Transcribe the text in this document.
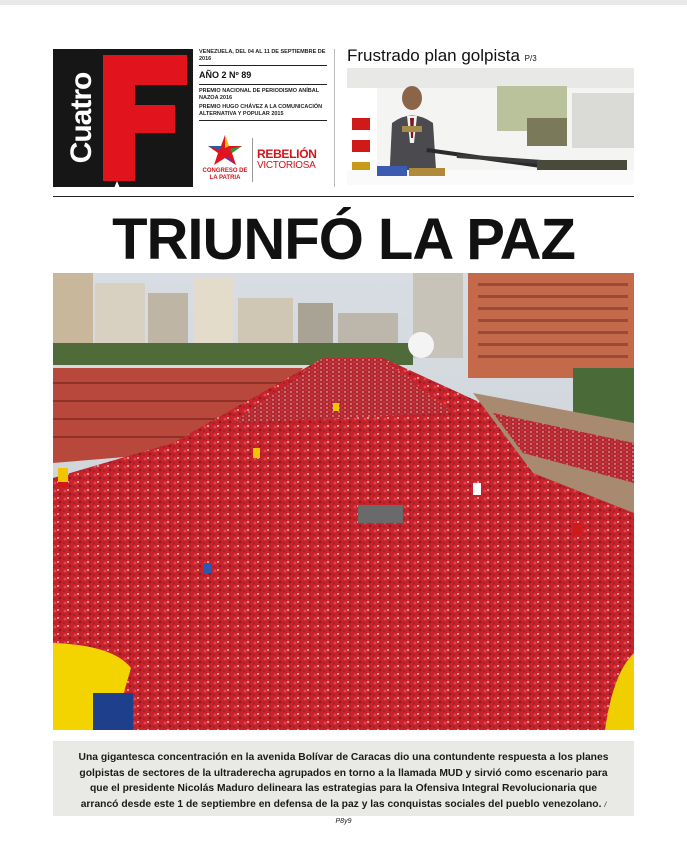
Cuatro
VENEZUELA, DEL 04 AL 11 DE SEPTIEMBRE DE 2016
AÑO 2 Nº 89
PREMIO NACIONAL DE PERIODISMO ANÍBAL NAZOA 2016
PREMIO HUGO CHÁVEZ A LA COMUNICACIÓN ALTERNATIVA Y POPULAR 2015
CONGRESO DE LA PATRIA
REBELIÓN
VICTORIOSA
Frustrado plan golpista P/3
TRIUNFÓ LA PAZ
Una gigantesca concentración en la avenida Bolívar de Caracas dio una contundente respuesta a los planes golpistas de sectores de la ultraderecha agrupados en torno a la llamada MUD y sirvió como escenario para que el presidente Nicolás Maduro delineara las estrategias para la Ofensiva Integral Revolucionaria que arrancó desde este 1 de septiembre en defensa de la paz y las conquistas sociales del pueblo venezolano. / P8y9
